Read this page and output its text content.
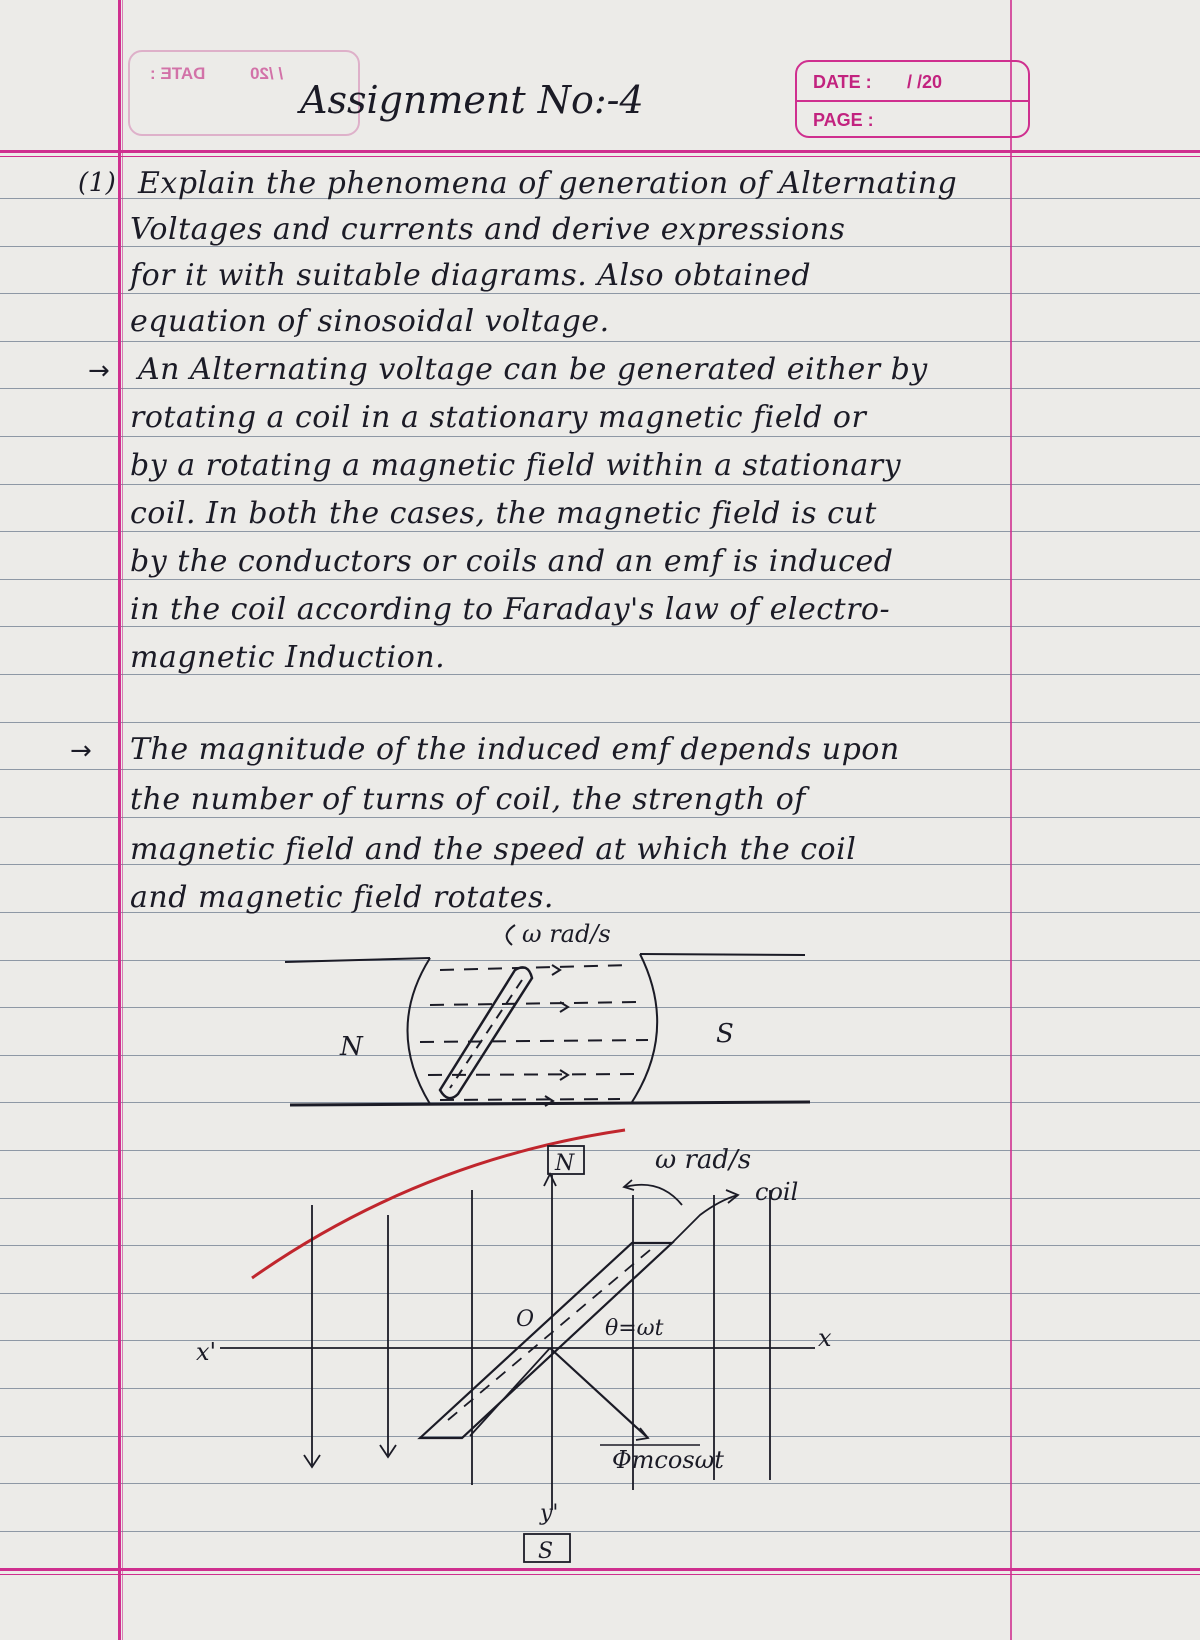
DATE :	/ /20	DATE : / /20
PAGE :
Assignment No:-4
(1) Explain the phenomena of generation of Alternating
Voltages and currents and derive expressions
for it with suitable diagrams. Also obtained
equation of sinosoidal voltage.
→ An Alternating voltage can be generated either by
rotating a coil in a stationary magnetic field or
by a rotating a magnetic field within a stationary
coil. In both the cases, the magnetic field is cut
by the conductors or coils and an emf is induced
in the coil according to Faraday's law of electro-
magnetic Induction.
→ The magnitude of the induced emf depends upon
the number of turns of coil, the strength of
magnetic field and the speed at which the coil
and magnetic field rotates.
ω rad/s
N	S
N
S
ω rad/s
coil
O	θ=ωt
x'	x
y'
Φmcosωt
